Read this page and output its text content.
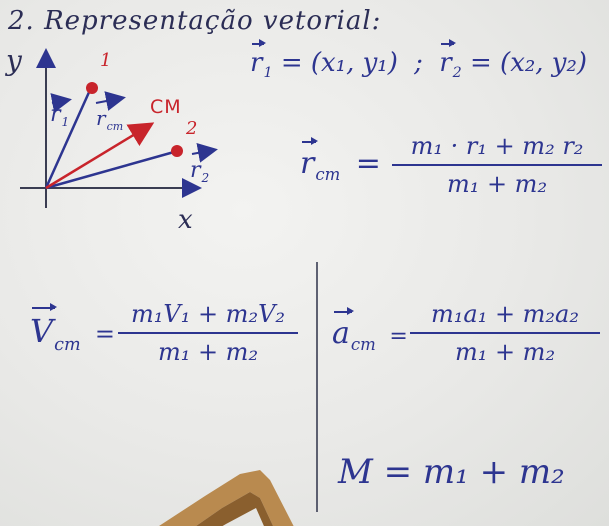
2. Representação vetorial:
y
x
1
2
CM
$r_1$ $r_{cm}$
$r_2$
$r_1 = (x_1$, y₁) ; $r_2 = (x_2$, y₂)
$r_{cm}$ =	m₁ · r₁ + m₂ r₂
m₁ + m₂
$V_{cm}$ =
m₁V₁ + m₂V₂
m₁ + m₂
$a_{cm}$ =
m₁a₁ + m₂a₂
m₁ + m₂
M = m₁ + m₂
